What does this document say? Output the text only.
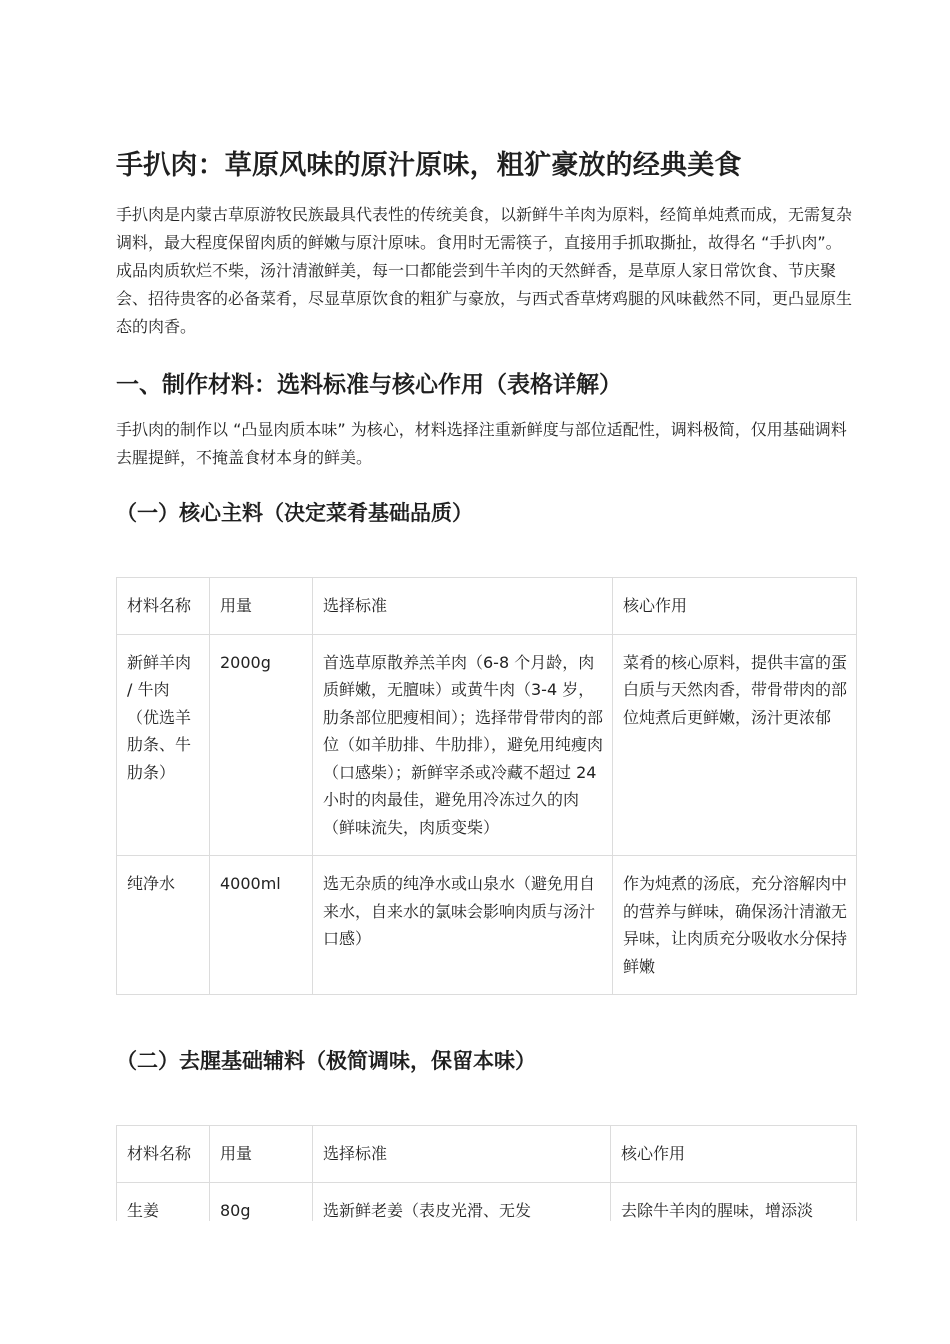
手扒肉：草原风味的原汁原味，粗犷豪放的经典美食

手扒肉是内蒙古草原游牧民族最具代表性的传统美食，以新鲜牛羊肉为原料，经简单炖煮而成，无需复杂调料，最大程度保留肉质的鲜嫩与原汁原味。食用时无需筷子，直接用手抓取撕扯，故得名 “手扒肉”。成品肉质软烂不柴，汤汁清澈鲜美，每一口都能尝到牛羊肉的天然鲜香，是草原人家日常饮食、节庆聚会、招待贵客的必备菜肴，尽显草原饮食的粗犷与豪放，与西式香草烤鸡腿的风味截然不同，更凸显原生态的肉香。

一、制作材料：选料标准与核心作用（表格详解）

手扒肉的制作以 “凸显肉质本味” 为核心，材料选择注重新鲜度与部位适配性，调料极简，仅用基础调料去腥提鲜，不掩盖食材本身的鲜美。

（一）核心主料（决定菜肴基础品质）
材料名称	用量	选择标准	核心作用
新鲜羊肉 / 牛肉 （优选羊肋条、牛肋条）	2000g	首选草原散养羔羊肉（6-8 个月龄，肉质鲜嫩，无膻味）或黄牛肉（3-4 岁，肋条部位肥瘦相间）；选择带骨带肉的部位（如羊肋排、牛肋排），避免用纯瘦肉（口感柴）；新鲜宰杀或冷藏不超过 24 小时的肉最佳，避免用冷冻过久的肉（鲜味流失，肉质变柴）	菜肴的核心原料，提供丰富的蛋白质与天然肉香，带骨带肉的部位炖煮后更鲜嫩，汤汁更浓郁
纯净水	4000ml	选无杂质的纯净水或山泉水（避免用自来水，自来水的氯味会影响肉质与汤汁口感）	作为炖煮的汤底，充分溶解肉中的营养与鲜味，确保汤汁清澈无异味，让肉质充分吸收水分保持鲜嫩
（二）去腥基础辅料（极简调味，保留本味）
材料名称	用量	选择标准	核心作用
生姜	80g	选新鲜老姜（表皮光滑、无发	去除牛羊肉的腥味，增添淡
